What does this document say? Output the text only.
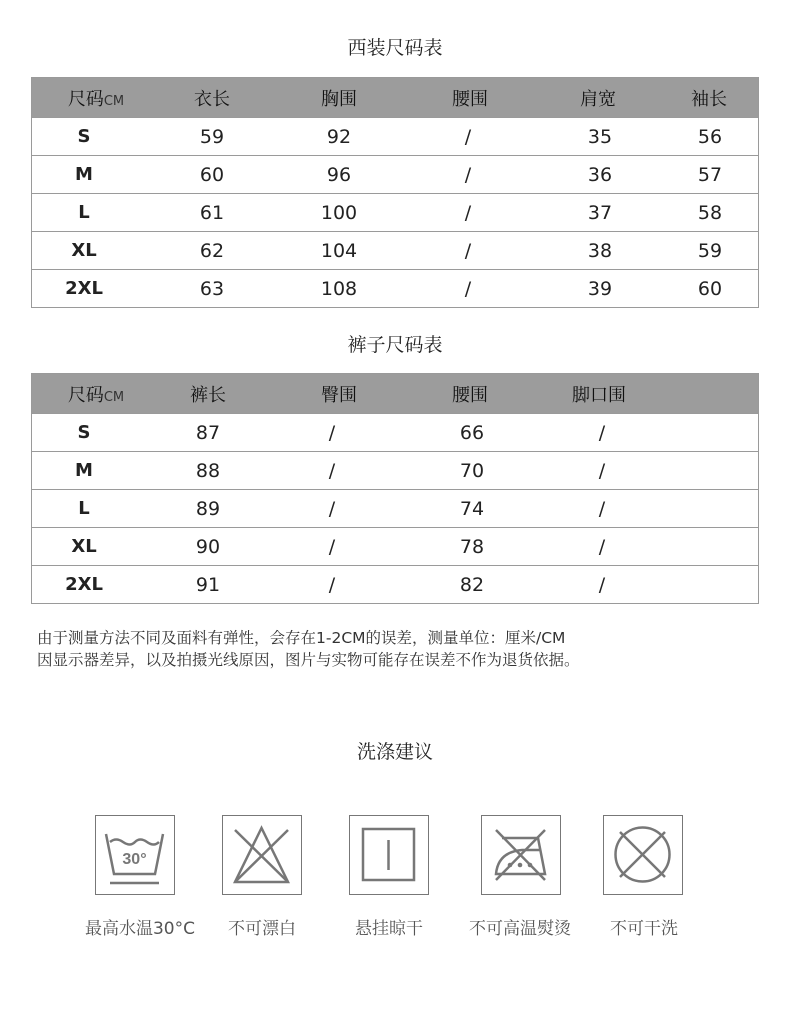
西装尺码表
尺码CM	衣长	胸围	腰围	肩宽	袖长
S	59	92	/	35	56
M	60	96	/	36	57
L	61	100	/	37	58
XL	62	104	/	38	59
2XL	63	108	/	39	60
裤子尺码表
尺码CM	裤长	臀围	腰围	脚口围
S	87	/	66	/
M	88	/	70	/
L	89	/	74	/
XL	90	/	78	/
2XL	91	/	82	/
由于测量方法不同及面料有弹性，会存在1-2CM的误差，测量单位：厘米/CM
因显示器差异，以及拍摄光线原因，图片与实物可能存在误差不作为退货依据。
洗涤建议
30°
最高水温30°C 不可漂白	悬挂晾干	不可高温熨烫 不可干洗
